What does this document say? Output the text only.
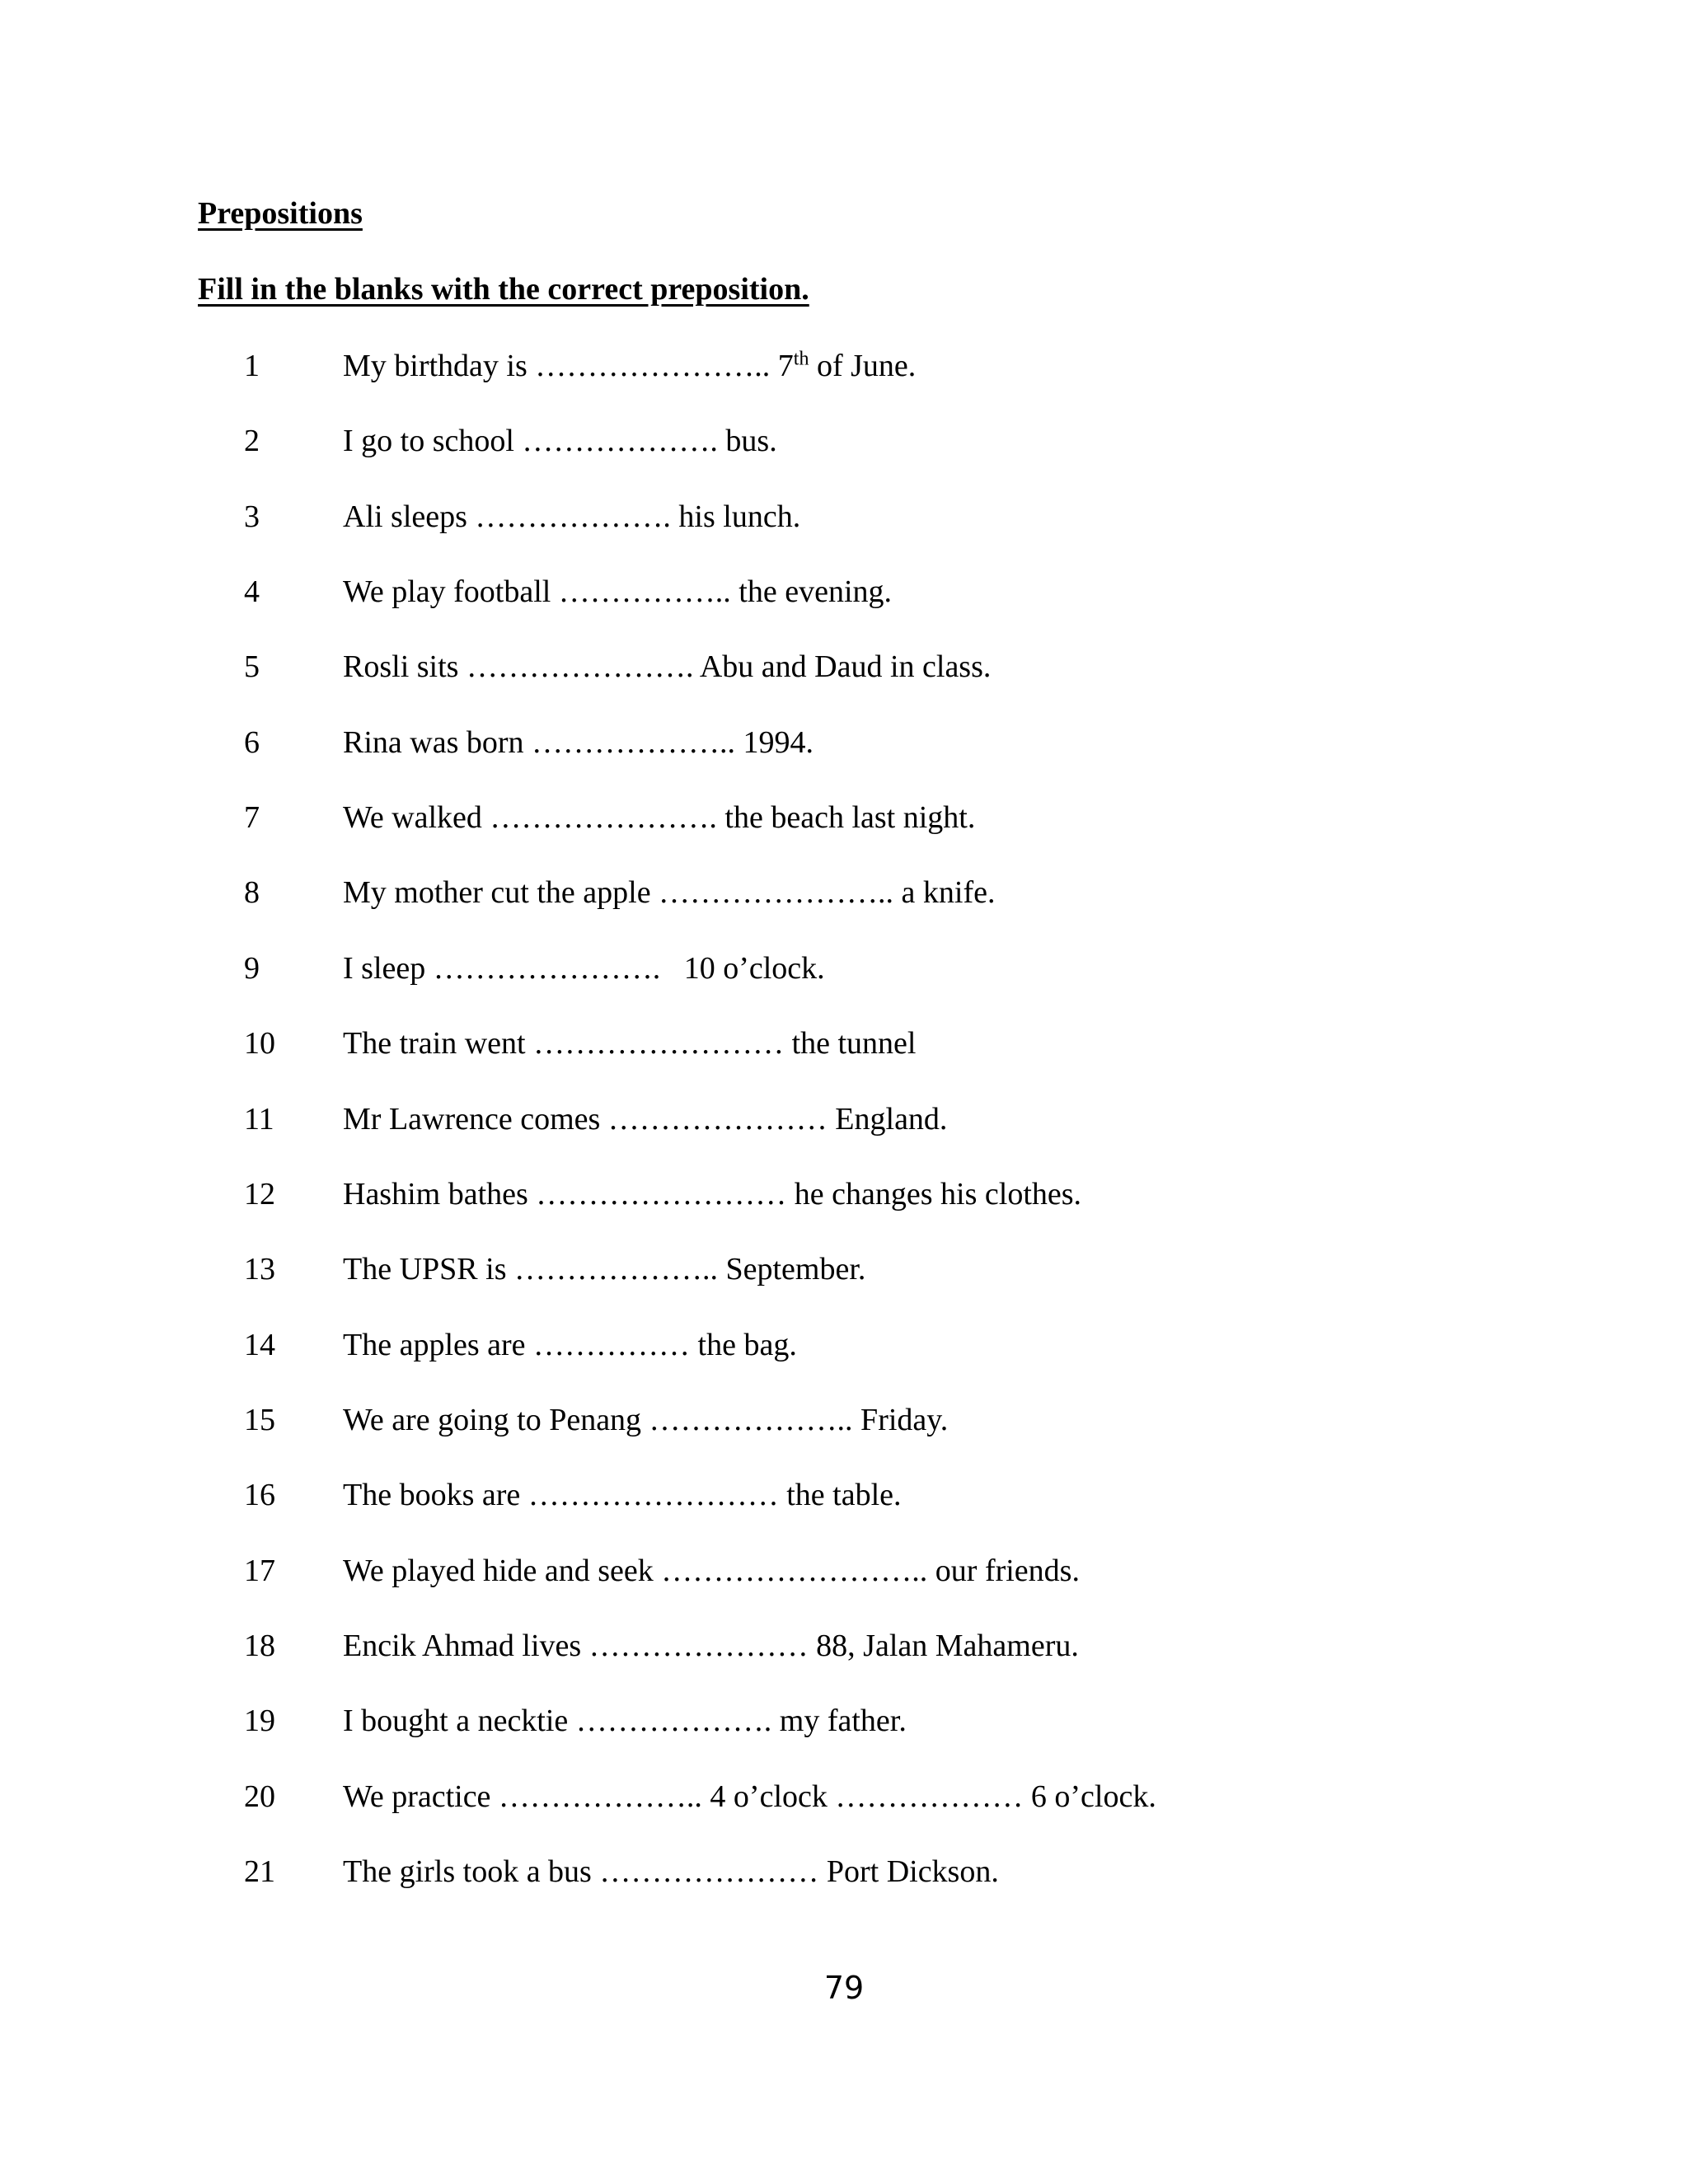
Prepositions
Fill in the blanks with the correct preposition.
1	My birthday is ………………….. 7th of June.
2	I go to school ………………. bus.
3	Ali sleeps ………………. his lunch.
4	We play football …………….. the evening.
5	Rosli sits …………………. Abu and Daud in class.
6	Rina was born ……………….. 1994.
7	We walked …………………. the beach last night.
8	My mother cut the apple ………………….. a knife.
9	I sleep ………………….   10 o’clock.
10 The train went …………………… the tunnel
11 Mr Lawrence comes ………………… England.
12 Hashim bathes …………………… he changes his clothes.
13 The UPSR is ……………….. September.
14 The apples are …………… the bag.
15 We are going to Penang ……………….. Friday.
16 The books are …………………… the table.
17 We played hide and seek …………………….. our friends.
18 Encik Ahmad lives ………………… 88, Jalan Mahameru.
19 I bought a necktie ………………. my father.
20 We practice ……………….. 4 o’clock ……………… 6 o’clock.
21 The girls took a bus ………………… Port Dickson.
79
